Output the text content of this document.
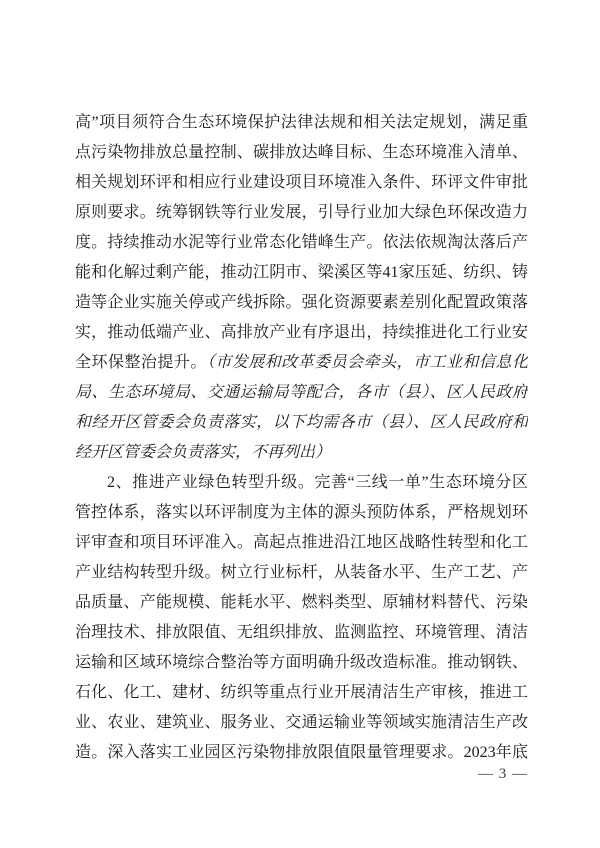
高”项目须符合生态环境保护法律法规和相关法定规划，满足重
点污染物排放总量控制、碳排放达峰目标、生态环境准入清单、
相关规划环评和相应行业建设项目环境准入条件、环评文件审批
原则要求。统筹钢铁等行业发展，引导行业加大绿色环保改造力
度。持续推动水泥等行业常态化错峰生产。依法依规淘汰落后产
能和化解过剩产能，推动江阴市、梁溪区等41家压延、纺织、铸
造等企业实施关停或产线拆除。强化资源要素差别化配置政策落
实，推动低端产业、高排放产业有序退出，持续推进化工行业安
全环保整治提升。（市发展和改革委员会牵头，市工业和信息化
局、生态环境局、交通运输局等配合，各市（县）、区人民政府
和经开区管委会负责落实，以下均需各市（县）、区人民政府和
经开区管委会负责落实，不再列出）
2、推进产业绿色转型升级。完善“三线一单”生态环境分区
管控体系，落实以环评制度为主体的源头预防体系，严格规划环
评审查和项目环评准入。高起点推进沿江地区战略性转型和化工
产业结构转型升级。树立行业标杆，从装备水平、生产工艺、产
品质量、产能规模、能耗水平、燃料类型、原辅材料替代、污染
治理技术、排放限值、无组织排放、监测监控、环境管理、清洁
运输和区域环境综合整治等方面明确升级改造标准。推动钢铁、
石化、化工、建材、纺织等重点行业开展清洁生产审核，推进工
业、农业、建筑业、服务业、交通运输业等领域实施清洁生产改
造。深入落实工业园区污染物排放限值限量管理要求。2023年底
— 3 —
